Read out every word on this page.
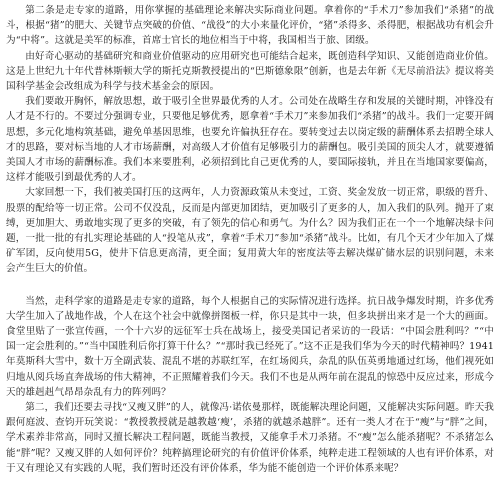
第二条是走专家的道路，用你掌握的基础理论来解决实际商业问题。拿着你的“手术刀”参加我们“杀猪”的战斗，根据“猪”的肥大、关键节点突破的价值、“战役”的大小来量化评价，“猪”杀得多、杀得肥，根据战功有机会升为“中将”。这就是美军的标准，首席士官长的地位相当于中将，我国相当于旅、团级。

由好奇心驱动的基础研究和商业价值驱动的应用研究也可能结合起来，既创造科学知识、又能创造商业价值。这是上世纪九十年代普林斯顿大学的斯托克斯教授提出的“巴斯德象限”创新，也是去年新《无尽前沿法》提议将美国科学基金会改组成为科学与技术基金会的原因。

我们要敢开胸怀，解放思想，敢于吸引全世界最优秀的人才。公司处在战略生存和发展的关键时期，冲锋没有人才是不行的。不要过分强调专业，只要他足够优秀，愿拿着“手术刀”来参加我们“杀猪”的战斗。我们一定要开阔思想，多元化地构筑基础，避免单基因思维，也要允许偏执狂存在。要转变过去以岗定级的薪酬体系去招聘全球人才的思路，要对标当地的人才市场薪酬，对高级人才价值有足够吸引力的薪酬包。吸引美国的顶尖人才，就要遵循美国人才市场的薪酬标准。我们本来要胜利，必须招到比自己更优秀的人，要国际接轨，并且在当地国家要偏高，这样才能吸引到最优秀的人才。

大家回想一下，我们被美国打压的这两年，人力资源政策从未变过，工资、奖金发放一切正常，职级的晋升、股票的配给等一切正常。公司不仅没乱，反而是内部更加团结，更加吸引了更多的人，加入我们的队列。抛开了束缚，更加胆大、勇敢地实现了更多的突破，有了领先的信心和勇气。为什么？因为我们正在一个一个地解决绿卡问题，一批一批的有扎实理论基础的人“投笔从戎”，拿着“手术刀”参加“杀猪”战斗。比如，有几个天才少年加入了煤矿军团，反向使用5G，使井下信息更高清，更全面；复用黄大年的密度法等去解决煤矿储水层的识别问题，未来会产生巨大的价值。

当然，走科学家的道路是走专家的道路，每个人根据自己的实际情况进行选择。抗日战争爆发时期，许多优秀大学生加入了战地作战，个人在这个社会中就像拼图板一样，你只是其中一块，但多块拼出来才是一个大的画面。食堂里贴了一张宣传画，一个十六岁的远征军士兵在战场上，接受美国记者采访的一段话：“中国会胜利吗？”“中国一定会胜利的。”“当中国胜利后你打算干什么？”“那时我已经死了。”这不正是我们华为今天的时代精神吗？1941年莫斯科大雪中，数十万全副武装、混乱不堪的苏联红军，在红场阅兵，杂乱的队伍英勇地通过红场，他们视死如归地从阅兵场直奔战场的伟大精神，不正照耀着我们今天。我们不也是从两年前在混乱的惊恐中反应过来，形成今天的雄赳赳气昂昂杂乱有力的阵列吗？

第二，我们还要去寻找“又瘦又胖”的人，就像冯·诺依曼那样，既能解决理论问题，又能解决实际问题。昨天我跟何庭波、查钧开玩笑说：“教授教授就是越教越‘瘦’，杀猪的就越杀越胖”。还有一类人才在于“瘦”与“胖”之间，学术素养非常高，同时又擅长解决工程问题，既能当教授，又能拿手术刀杀猪。不“瘦”怎么能杀猪呢？不杀猪怎么能“胖”呢？又瘦又胖的人如何评价？纯粹搞理论研究的有价值评价体系，纯粹走进工程领域的人也有评价体系，对于又有理论又有实践的人呢，我们暂时还没有评价体系，华为能不能创造一个评价体系来呢？
